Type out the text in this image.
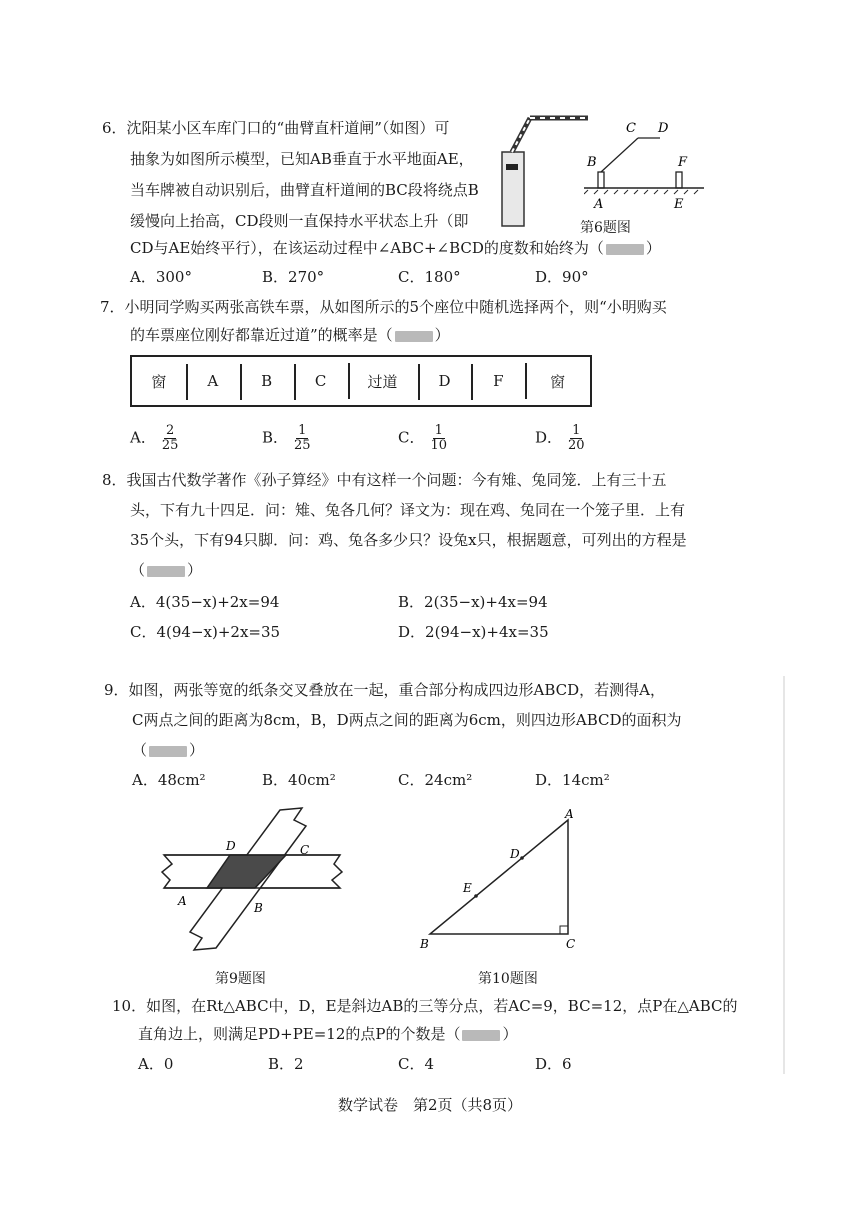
6．沈阳某小区车库门口的“曲臂直杆道闸”（如图）可
抽象为如图所示模型，已知AB垂直于水平地面AE，
当车牌被自动识别后，曲臂直杆道闸的BC段将绕点B
缓慢向上抬高，CD段则一直保持水平状态上升（即
CD与AE始终平行），在该运动过程中∠ABC+∠BCD的度数和始终为（	）
A．300°	B．270°	C．180°	D．90°
C D
B	F
A	E
第6题图
7．小明同学购买两张高铁车票，从如图所示的5个座位中随机选择两个，则“小明购买
的车票座位刚好都靠近过道”的概率是（	）
窗	A	B	C	过道	D	F	窗
A． $\frac{2}{25}$	B． $\frac{1}{25}$	C． $\frac{1}{10}$	D． $\frac{1}{20}$
8．我国古代数学著作《孙子算经》中有这样一个问题：今有雉、兔同笼．上有三十五
头，下有九十四足．问：雉、兔各几何？译文为：现在鸡、兔同在一个笼子里．上有
35个头，下有94只脚．问：鸡、兔各多少只？设兔x只，根据题意，可列出的方程是
（	）
A．4(35−x)+2x=94	B．2(35−x)+4x=94
C．4(94−x)+2x=35	D．2(94−x)+4x=35
9．如图，两张等宽的纸条交叉叠放在一起，重合部分构成四边形ABCD，若测得A，
C两点之间的距离为8cm，B，D两点之间的距离为6cm，则四边形ABCD的面积为
（	）
A．48cm²	B．40cm²	C．24cm²	D．14cm²
D	C
A	B
第9题图
A
D
E
B	C
第10题图
10．如图，在Rt△ABC中，D，E是斜边AB的三等分点，若AC=9，BC=12，点P在△ABC的
直角边上，则满足PD+PE=12的点P的个数是（	）
A．0	B．2	C．4	D．6
数学试卷　第2页（共8页）
